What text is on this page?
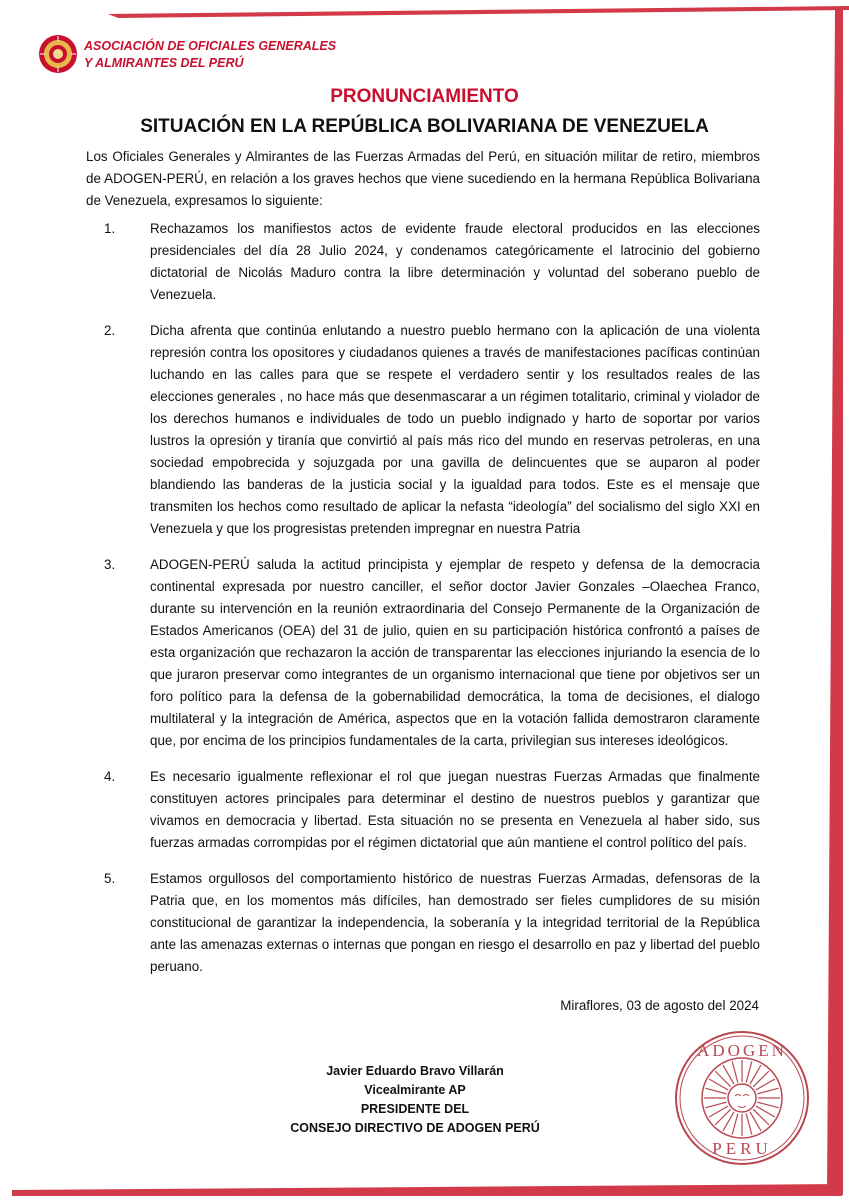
ASOCIACIÓN DE OFICIALES GENERALES
Y ALMIRANTES DEL PERÚ
PRONUNCIAMIENTO
SITUACIÓN EN LA REPÚBLICA BOLIVARIANA DE VENEZUELA
Los Oficiales Generales y Almirantes de las Fuerzas Armadas del Perú, en situación militar de retiro, miembros de ADOGEN-PERÚ, en relación a los graves hechos que viene sucediendo en la hermana República Bolivariana de Venezuela, expresamos lo siguiente:
1.	Rechazamos los manifiestos actos de evidente fraude electoral producidos en las elecciones presidenciales del día 28 Julio 2024, y condenamos categóricamente el latrocinio del gobierno dictatorial de Nicolás Maduro contra la libre determinación y voluntad del soberano pueblo de Venezuela.
2.	Dicha afrenta que continúa enlutando a nuestro pueblo hermano con la aplicación de una violenta represión contra los opositores y ciudadanos quienes a través de manifestaciones pacíficas continúan luchando en las calles para que se respete el verdadero sentir y los resultados reales de las elecciones generales , no hace más que desenmascarar a un régimen totalitario, criminal y violador de los derechos humanos e individuales de todo un pueblo indignado y harto de soportar por varios lustros la opresión y tiranía que convirtió al país más rico del mundo en reservas petroleras, en una sociedad empobrecida y sojuzgada por una gavilla de delincuentes que se auparon al poder blandiendo las banderas de la justicia social y la igualdad para todos. Este es el mensaje que transmiten los hechos como resultado de aplicar la nefasta “ideología” del socialismo del siglo XXI en Venezuela y que los progresistas pretenden impregnar en nuestra Patria
3.	ADOGEN-PERÚ saluda la actitud principista y ejemplar de respeto y defensa de la democracia continental expresada por nuestro canciller, el señor doctor Javier Gonzales –Olaechea Franco, durante su intervención en la reunión extraordinaria del Consejo Permanente de la Organización de Estados Americanos (OEA) del 31 de julio, quien en su participación histórica confrontó a países de esta organización que rechazaron la acción de transparentar las elecciones injuriando la esencia de lo que juraron preservar como integrantes de un organismo internacional que tiene por objetivos ser un foro político para la defensa de la gobernabilidad democrática, la toma de decisiones, el dialogo multilateral y la integración de América, aspectos que en la votación fallida demostraron claramente que, por encima de los principios fundamentales de la carta, privilegian sus intereses ideológicos.
4.	Es necesario igualmente reflexionar el rol que juegan nuestras Fuerzas Armadas que finalmente constituyen actores principales para determinar el destino de nuestros pueblos y garantizar que vivamos en democracia y libertad. Esta situación no se presenta en Venezuela al haber sido, sus fuerzas armadas corrompidas por el régimen dictatorial que aún mantiene el control político del país.
5.	Estamos orgullosos del comportamiento histórico de nuestras Fuerzas Armadas, defensoras de la Patria que, en los momentos más difíciles, han demostrado ser fieles cumplidores de su misión constitucional de garantizar la independencia, la soberanía y la integridad territorial de la República ante las amenazas externas o internas que pongan en riesgo el desarrollo en paz y libertad del pueblo peruano.
Miraflores, 03 de agosto del 2024
Javier Eduardo Bravo Villarán
Vicealmirante AP
PRESIDENTE DEL
CONSEJO DIRECTIVO DE ADOGEN PERÚ
ADOGEN
PERU
